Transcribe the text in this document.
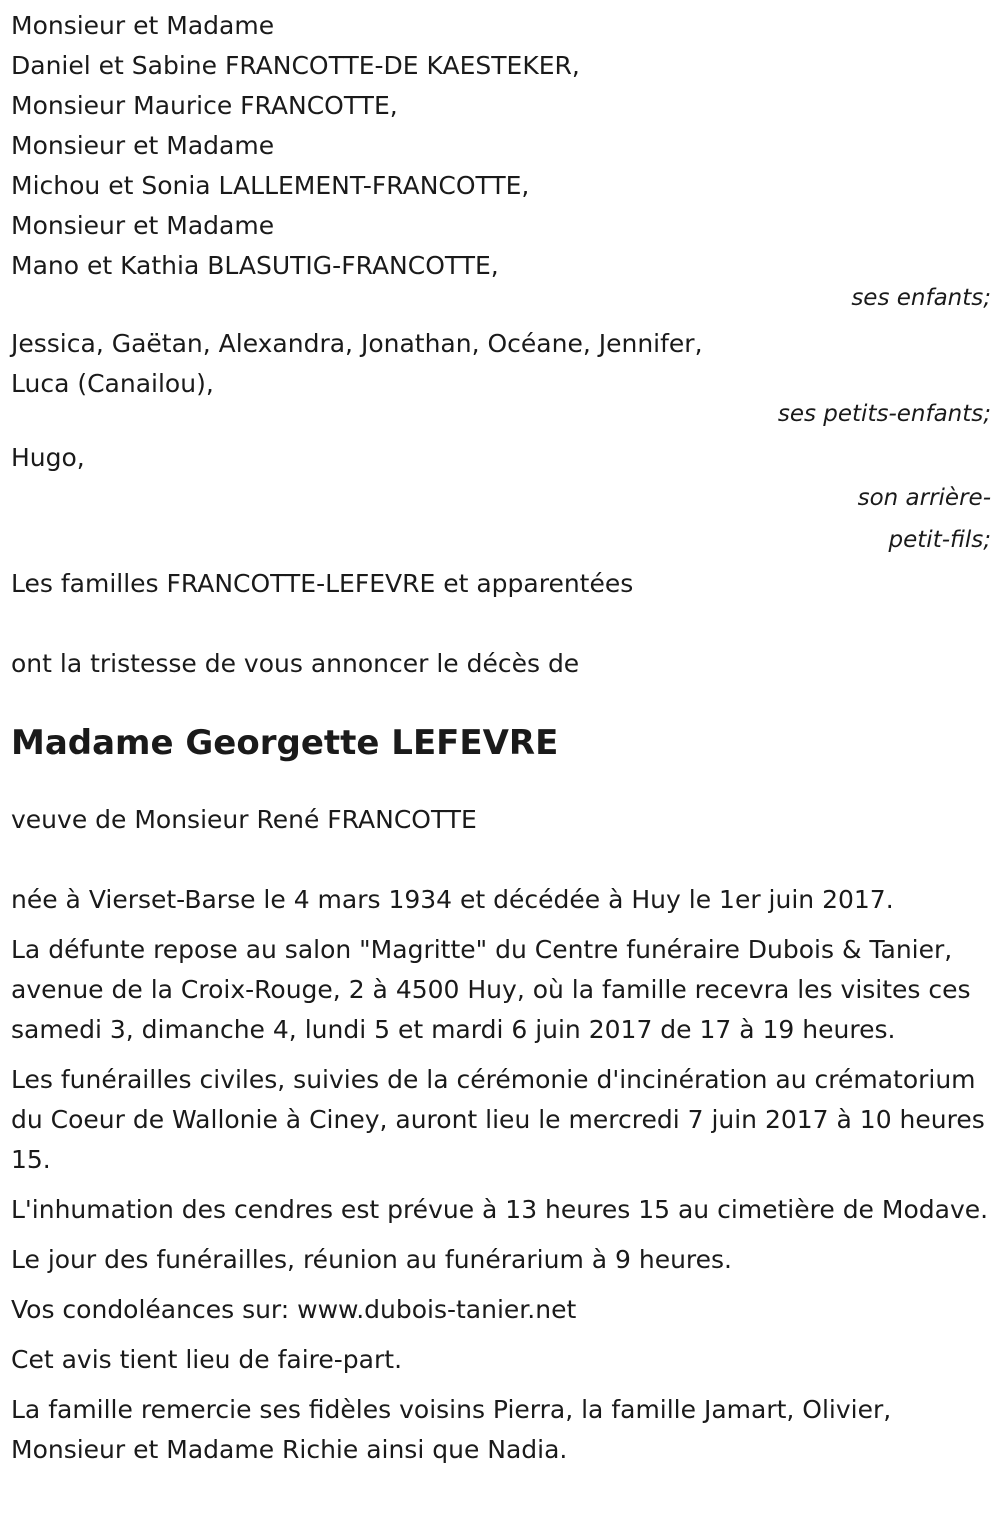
Monsieur et Madame
Daniel et Sabine FRANCOTTE-DE KAESTEKER,
Monsieur Maurice FRANCOTTE,
Monsieur et Madame
Michou et Sonia LALLEMENT-FRANCOTTE,
Monsieur et Madame
Mano et Kathia BLASUTIG-FRANCOTTE,
ses enfants;
Jessica, Gaëtan, Alexandra, Jonathan, Océane, Jennifer,
Luca (Canailou),
ses petits-enfants;
Hugo,
son arrière-
petit-fils;
Les familles FRANCOTTE-LEFEVRE et apparentées
ont la tristesse de vous annoncer le décès de
Madame Georgette LEFEVRE
veuve de Monsieur René FRANCOTTE
née à Vierset-Barse le 4 mars 1934 et décédée à Huy le 1er juin 2017.
La défunte repose au salon "Magritte" du Centre funéraire Dubois & Tanier, avenue de la Croix-Rouge, 2 à 4500 Huy, où la famille recevra les visites ces samedi 3, dimanche 4, lundi 5 et mardi 6 juin 2017 de 17 à 19 heures.
Les funérailles civiles, suivies de la cérémonie d'incinération au crématorium du Coeur de Wallonie à Ciney, auront lieu le mercredi 7 juin 2017 à 10 heures 15.
L'inhumation des cendres est prévue à 13 heures 15 au cimetière de Modave.
Le jour des funérailles, réunion au funérarium à 9 heures.
Vos condoléances sur: www.dubois-tanier.net
Cet avis tient lieu de faire-part.
La famille remercie ses fidèles voisins Pierra, la famille Jamart, Olivier, Monsieur et Madame Richie ainsi que Nadia.
